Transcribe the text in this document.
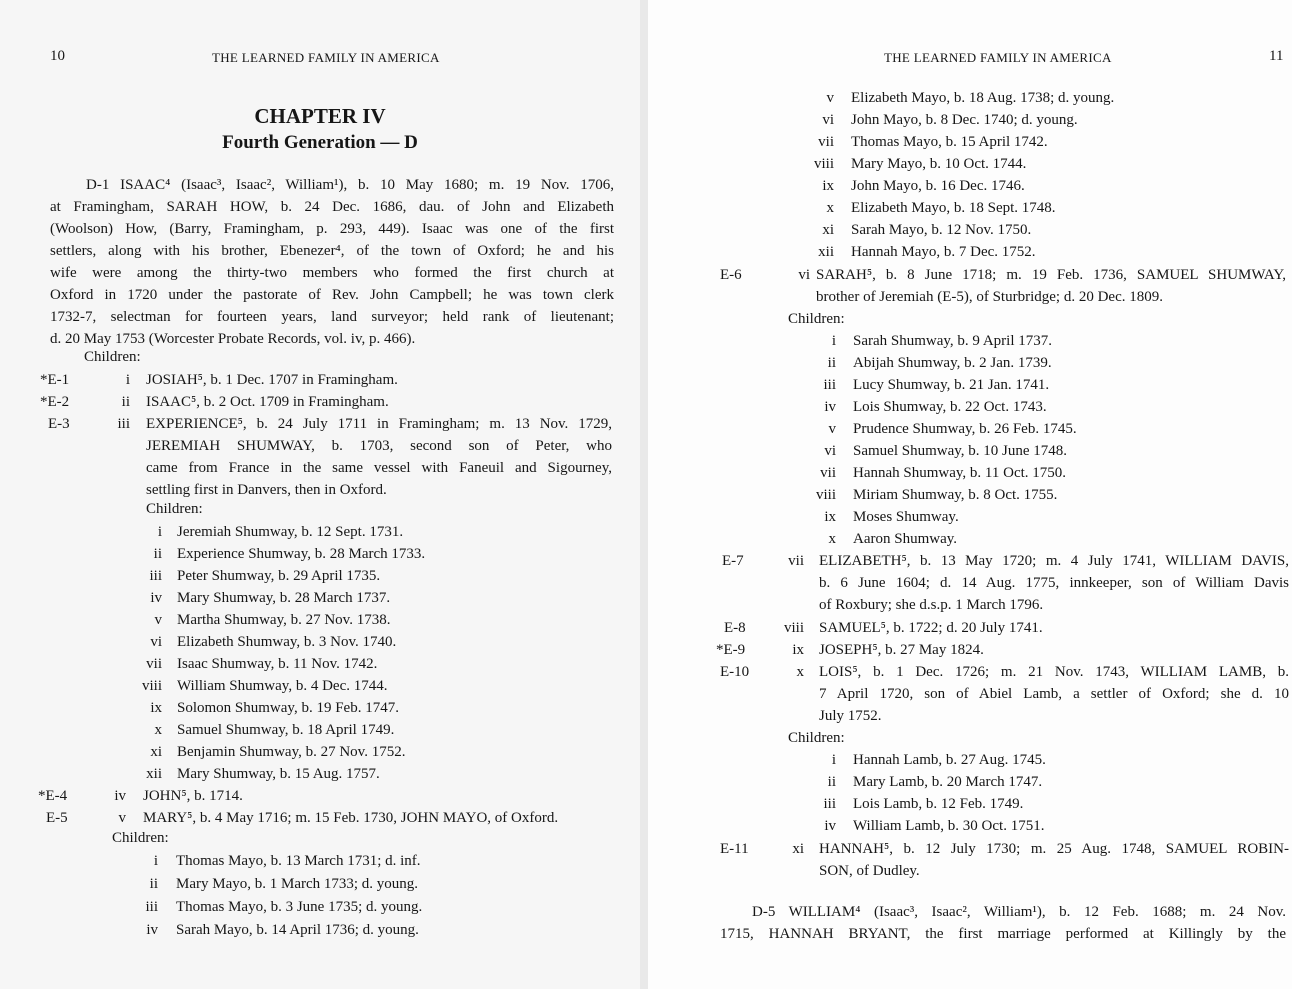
10	THE LEARNED FAMILY IN AMERICA
CHAPTER IV
Fourth Generation — D
D-1 ISAAC⁴ (Isaac³, Isaac², William¹), b. 10 May 1680; m. 19 Nov. 1706,
at Framingham, SARAH HOW, b. 24 Dec. 1686, dau. of John and Elizabeth
(Woolson) How, (Barry, Framingham, p. 293, 449). Isaac was one of the first
settlers, along with his brother, Ebenezer⁴, of the town of Oxford; he and his
wife were among the thirty-two members who formed the first church at
Oxford in 1720 under the pastorate of Rev. John Campbell; he was town clerk
1732-7, selectman for fourteen years, land surveyor; held rank of lieutenant;
d. 20 May 1753 (Worcester Probate Records, vol. iv, p. 466).
Children:
*E-1	i JOSIAH⁵, b. 1 Dec. 1707 in Framingham.
*E-2	ii ISAAC⁵, b. 2 Oct. 1709 in Framingham.
E-3	iii EXPERIENCE⁵, b. 24 July 1711 in Framingham; m. 13 Nov. 1729,
JEREMIAH SHUMWAY, b. 1703, second son of Peter, who
came from France in the same vessel with Faneuil and Sigourney,
settling first in Danvers, then in Oxford.
Children:
i Jeremiah Shumway, b. 12 Sept. 1731.
ii Experience Shumway, b. 28 March 1733.
iii Peter Shumway, b. 29 April 1735.
iv Mary Shumway, b. 28 March 1737.
v Martha Shumway, b. 27 Nov. 1738.
vi Elizabeth Shumway, b. 3 Nov. 1740.
vii Isaac Shumway, b. 11 Nov. 1742.
viii William Shumway, b. 4 Dec. 1744.
ix Solomon Shumway, b. 19 Feb. 1747.
x Samuel Shumway, b. 18 April 1749.
xi Benjamin Shumway, b. 27 Nov. 1752.
xii Mary Shumway, b. 15 Aug. 1757.
*E-4	iv JOHN⁵, b. 1714.
E-5	v MARY⁵, b. 4 May 1716; m. 15 Feb. 1730, JOHN MAYO, of Oxford.
Children:
i Thomas Mayo, b. 13 March 1731; d. inf.
ii Mary Mayo, b. 1 March 1733; d. young.
iii Thomas Mayo, b. 3 June 1735; d. young.
iv Sarah Mayo, b. 14 April 1736; d. young.
THE LEARNED FAMILY IN AMERICA	11
v Elizabeth Mayo, b. 18 Aug. 1738; d. young.
vi John Mayo, b. 8 Dec. 1740; d. young.
vii Thomas Mayo, b. 15 April 1742.
viii Mary Mayo, b. 10 Oct. 1744.
ix John Mayo, b. 16 Dec. 1746.
x Elizabeth Mayo, b. 18 Sept. 1748.
xi Sarah Mayo, b. 12 Nov. 1750.
xii Hannah Mayo, b. 7 Dec. 1752.
E-6	vi SARAH⁵, b. 8 June 1718; m. 19 Feb. 1736, SAMUEL SHUMWAY,
brother of Jeremiah (E-5), of Sturbridge; d. 20 Dec. 1809.
Children:
i Sarah Shumway, b. 9 April 1737.
ii Abijah Shumway, b. 2 Jan. 1739.
iii Lucy Shumway, b. 21 Jan. 1741.
iv Lois Shumway, b. 22 Oct. 1743.
v Prudence Shumway, b. 26 Feb. 1745.
vi Samuel Shumway, b. 10 June 1748.
vii Hannah Shumway, b. 11 Oct. 1750.
viii Miriam Shumway, b. 8 Oct. 1755.
ix Moses Shumway.
x Aaron Shumway.
E-7	vii ELIZABETH⁵, b. 13 May 1720; m. 4 July 1741, WILLIAM DAVIS,
b. 6 June 1604; d. 14 Aug. 1775, innkeeper, son of William Davis
of Roxbury; she d.s.p. 1 March 1796.
E-8	viii SAMUEL⁵, b. 1722; d. 20 July 1741.
*E-9	ix JOSEPH⁵, b. 27 May 1824.
E-10	x LOIS⁵, b. 1 Dec. 1726; m. 21 Nov. 1743, WILLIAM LAMB, b.
7 April 1720, son of Abiel Lamb, a settler of Oxford; she d. 10
July 1752.
Children:
i Hannah Lamb, b. 27 Aug. 1745.
ii Mary Lamb, b. 20 March 1747.
iii Lois Lamb, b. 12 Feb. 1749.
iv William Lamb, b. 30 Oct. 1751.
E-11	xi HANNAH⁵, b. 12 July 1730; m. 25 Aug. 1748, SAMUEL ROBIN-
SON, of Dudley.
D-5 WILLIAM⁴ (Isaac³, Isaac², William¹), b. 12 Feb. 1688; m. 24 Nov.
1715, HANNAH BRYANT, the first marriage performed at Killingly by the
